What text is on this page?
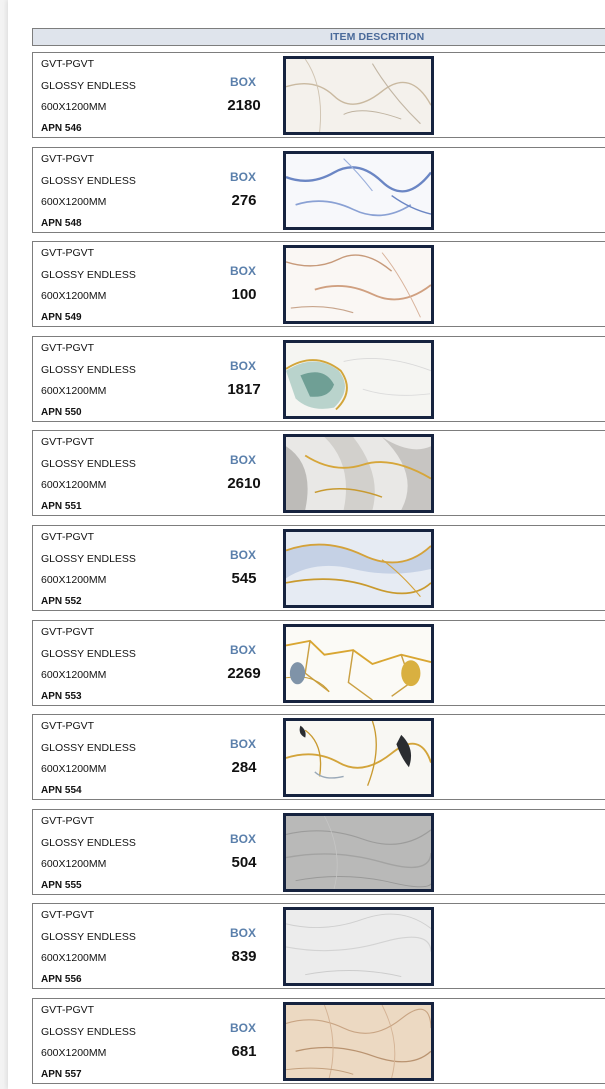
ITEM DESCRITION
GVT-PGVT
GLOSSY ENDLESS
600X1200MM
APN 546
BOX
2180
GVT-PGVT
GLOSSY ENDLESS
600X1200MM
APN 548
BOX
276
GVT-PGVT
GLOSSY ENDLESS
600X1200MM
APN 549
BOX
100
GVT-PGVT
GLOSSY ENDLESS
600X1200MM
APN 550
BOX
1817
GVT-PGVT
GLOSSY ENDLESS
600X1200MM
APN 551
BOX
2610
GVT-PGVT
GLOSSY ENDLESS
600X1200MM
APN 552
BOX
545
GVT-PGVT
GLOSSY ENDLESS
600X1200MM
APN 553
BOX
2269
GVT-PGVT
GLOSSY ENDLESS
600X1200MM
APN 554
BOX
284
GVT-PGVT
GLOSSY ENDLESS
600X1200MM
APN 555
BOX
504
GVT-PGVT
GLOSSY ENDLESS
600X1200MM
APN 556
BOX
839
GVT-PGVT
GLOSSY ENDLESS
600X1200MM
APN 557
BOX
681
